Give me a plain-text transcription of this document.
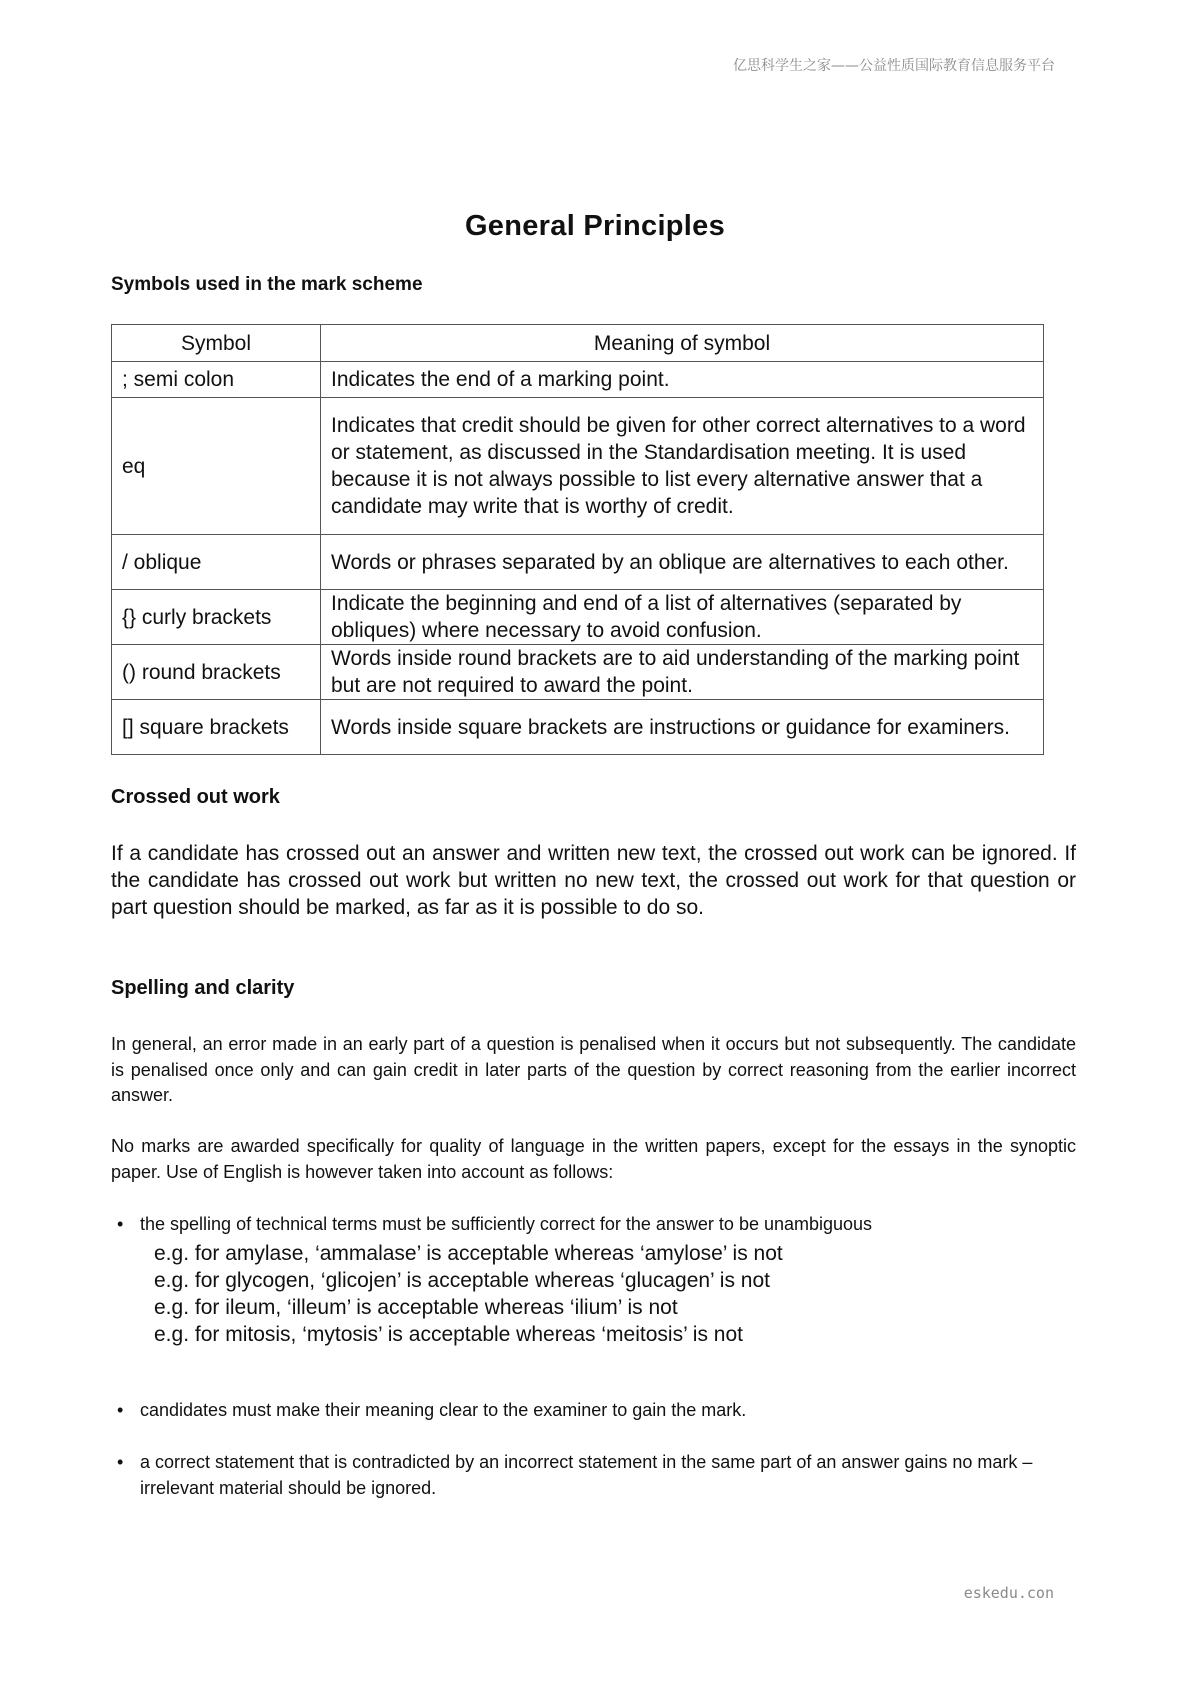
亿思科学生之家——公益性质国际教育信息服务平台
General Principles
Symbols used in the mark scheme
Symbol	Meaning of symbol
; semi colon	Indicates the end of a marking point.
eq	Indicates that credit should be given for other correct alternatives to a word or statement, as discussed in the Standardisation meeting. It is used because it is not always possible to list every alternative answer that a candidate may write that is worthy of credit.
/ oblique	Words or phrases separated by an oblique are alternatives to each other.
{} curly brackets	Indicate the beginning and end of a list of alternatives (separated by obliques) where necessary to avoid confusion.
() round brackets	Words inside round brackets are to aid understanding of the marking point but are not required to award the point.
[] square brackets	Words inside square brackets are instructions or guidance for examiners.
Crossed out work

If a candidate has crossed out an answer and written new text, the crossed out work can be ignored. If the candidate has crossed out work but written no new text, the crossed out work for that question or part question should be marked, as far as it is possible to do so.

Spelling and clarity

In general, an error made in an early part of a question is penalised when it occurs but not subsequently. The candidate is penalised once only and can gain credit in later parts of the question by correct reasoning from the earlier incorrect answer.

No marks are awarded specifically for quality of language in the written papers, except for the essays in the synoptic paper. Use of English is however taken into account as follows:

• the spelling of technical terms must be sufficiently correct for the answer to be unambiguous
e.g. for amylase, ‘ammalase’ is acceptable whereas ‘amylose’ is not
e.g. for glycogen, ‘glicojen’ is acceptable whereas ‘glucagen’ is not
e.g. for ileum, ‘illeum’ is acceptable whereas ‘ilium’ is not
e.g. for mitosis, ‘mytosis’ is acceptable whereas ‘meitosis’ is not
• candidates must make their meaning clear to the examiner to gain the mark.
• a correct statement that is contradicted by an incorrect statement in the same part of an answer gains no mark – irrelevant material should be ignored.
eskedu.con
